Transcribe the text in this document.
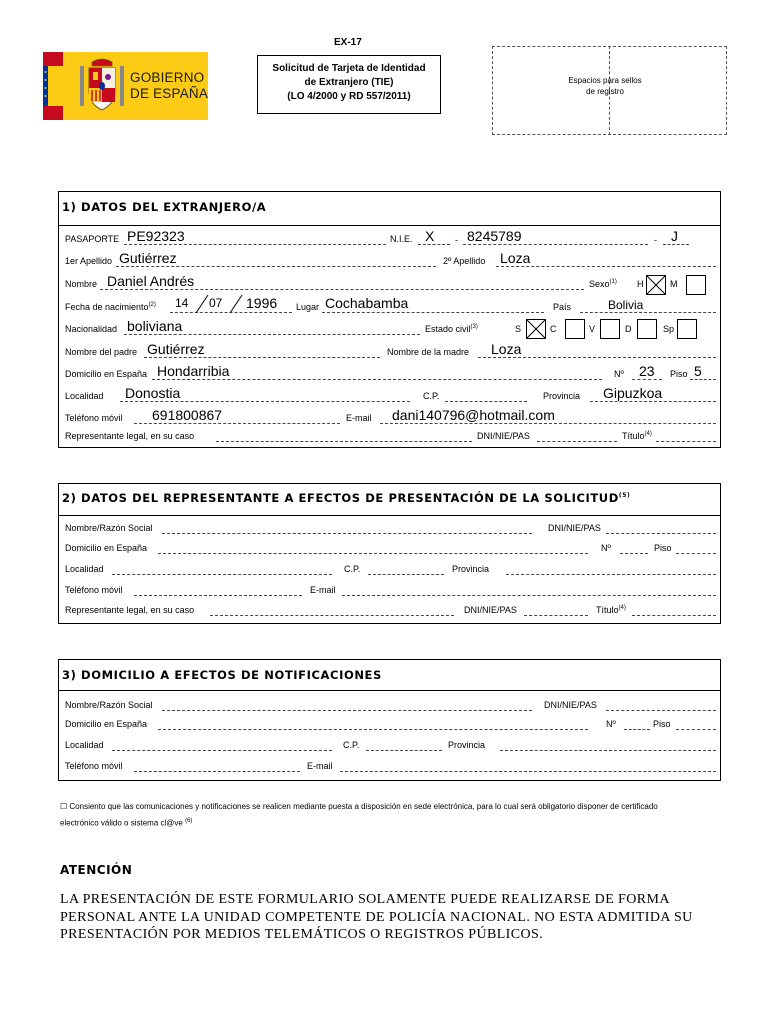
GOBIERNO
DE ESPAÑA
EX-17
Solicitud de Tarjeta de Identidad
de Extranjero (TIE)
(LO 4/2000 y RD 557/2011)
Espacios para sellos
de registro
1) DATOS DEL EXTRANJERO/A
PASAPORTE PE92323	N.I.E. X - 8245789	- J
1er Apellido Gutiérrez	2º Apellido Loza
Nombre Daniel Andrés	Sexo$^{(1)}$ H	M
Fecha de nacimiento$^{(2)}$ 14 07 1996 Lugar Cochabamba	País	Bolivia
Nacionalidad boliviana	Estado civil$^{(3)}$	S	C	V	D	Sp
Nombre del padre Gutiérrez	Nombre de la madre Loza
Domicilio en España Hondarribia	Nº 23 Piso 5
Localidad Donostia	C.P.	Provincia Gipuzkoa
Teléfono móvil 691800867	E-mail dani140796@hotmail.com
Representante legal, en su caso	DNI/NIE/PAS	Título$^{(4)}$
2) DATOS DEL REPRESENTANTE A EFECTOS DE PRESENTACIÓN DE LA SOLICITUD$^{(5)}$
Nombre/Razón Social	DNI/NIE/PAS
Domicilio en España	Nº	Piso
Localidad	C.P.	Provincia
Teléfono móvil	E-mail
Representante legal, en su caso	DNI/NIE/PAS	Título$^{(4)}$
3) DOMICILIO A EFECTOS DE NOTIFICACIONES
Nombre/Razón Social	DNI/NIE/PAS
Domicilio en España	Nº	Piso
Localidad	C.P.	Provincia
Teléfono móvil	E-mail
☐ Consiento que las comunicaciones y notificaciones se realicen mediante puesta a disposición en sede electrónica, para lo cual será obligatorio disponer de certificado
electrónico válido o sistema cl@ve $^{(6)}$
ATENCIÓN
LA PRESENTACIÓN DE ESTE FORMULARIO SOLAMENTE PUEDE REALIZARSE DE FORMA PERSONAL ANTE LA UNIDAD COMPETENTE DE POLICÍA NACIONAL. NO ESTA ADMITIDA SU PRESENTACIÓN POR MEDIOS TELEMÁTICOS O REGISTROS PÚBLICOS.
